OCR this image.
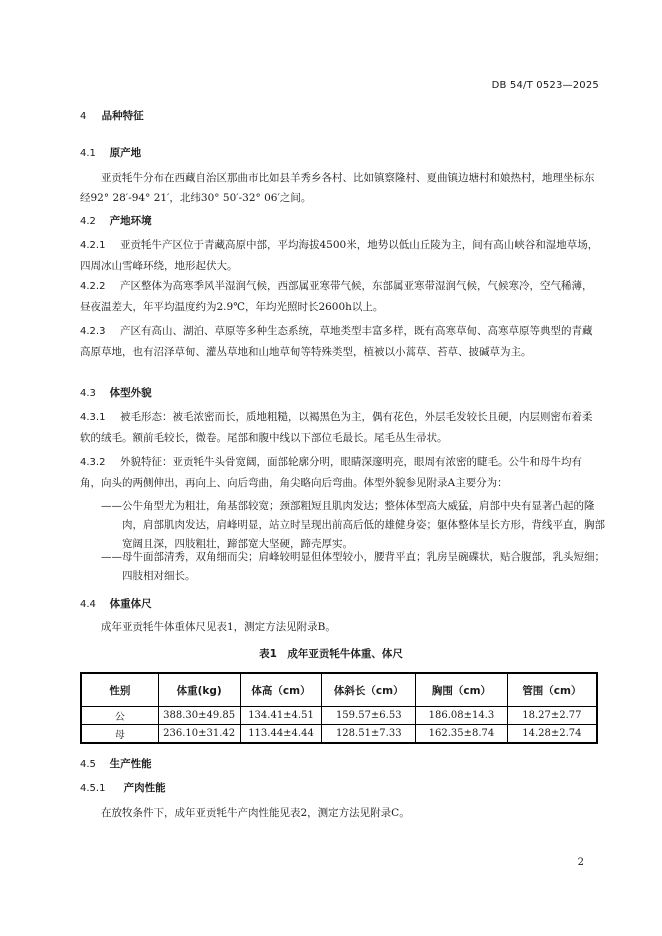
DB 54/T 0523—2025
4 品种特征
4.1 原产地
亚贡牦牛分布在西藏自治区那曲市比如县羊秀乡各村、比如镇察隆村、夏曲镇边塘村和娘热村，地理坐标东经92° 28′-94° 21′，北纬30° 50′-32° 06′之间。
4.2 产地环境
4.2.1 亚贡牦牛产区位于青藏高原中部，平均海拔4500米，地势以低山丘陵为主，间有高山峡谷和湿地草场，四周冰山雪峰环绕，地形起伏大。
4.2.2 产区整体为高寒季风半湿润气候，西部属亚寒带气候，东部属亚寒带湿润气候，气候寒冷，空气稀薄，昼夜温差大，年平均温度约为2.9℃，年均光照时长2600h以上。
4.2.3 产区有高山、湖泊、草原等多种生态系统，草地类型丰富多样，既有高寒草甸、高寒草原等典型的青藏高原草地，也有沼泽草甸、灌丛草地和山地草甸等特殊类型，植被以小蒿草、苔草、披碱草为主。
4.3 体型外貌
4.3.1 被毛形态：被毛浓密而长，质地粗糙，以褐黑色为主，偶有花色，外层毛发较长且硬，内层则密布着柔软的绒毛。额前毛较长，微卷。尾部和腹中线以下部位毛最长。尾毛丛生帚状。
4.3.2 外貌特征：亚贡牦牛头骨宽阔，面部轮廓分明，眼睛深邃明亮，眼周有浓密的睫毛。公牛和母牛均有角，向头的两侧伸出，再向上、向后弯曲，角尖略向后弯曲。体型外貌参见附录A主要分为：
——公牛角型尤为粗壮，角基部较宽；颈部粗短且肌肉发达；整体体型高大威猛，肩部中央有显著凸起的隆肉，肩部肌肉发达，肩峰明显，站立时呈现出前高后低的雄健身姿；躯体整体呈长方形，背线平直，胸部宽阔且深，四肢粗壮，蹄部宽大坚硬，蹄壳厚实。
——母牛面部清秀，双角细而尖；肩峰较明显但体型较小，腰背平直；乳房呈碗碟状，贴合腹部，乳头短细；四肢相对细长。
4.4 体重体尺
成年亚贡牦牛体重体尺见表1，测定方法见附录B。
表1　成年亚贡牦牛体重、体尺
性别	体重(kg)	体高（cm）	体斜长（cm）	胸围（cm）	管围（cm）
公	388.30±49.85	134.41±4.51	159.57±6.53	186.08±14.3	18.27±2.77
母	236.10±31.42	113.44±4.44	128.51±7.33	162.35±8.74	14.28±2.74
4.5 生产性能
4.5.1 产肉性能
在放牧条件下，成年亚贡牦牛产肉性能见表2，测定方法见附录C。
2
